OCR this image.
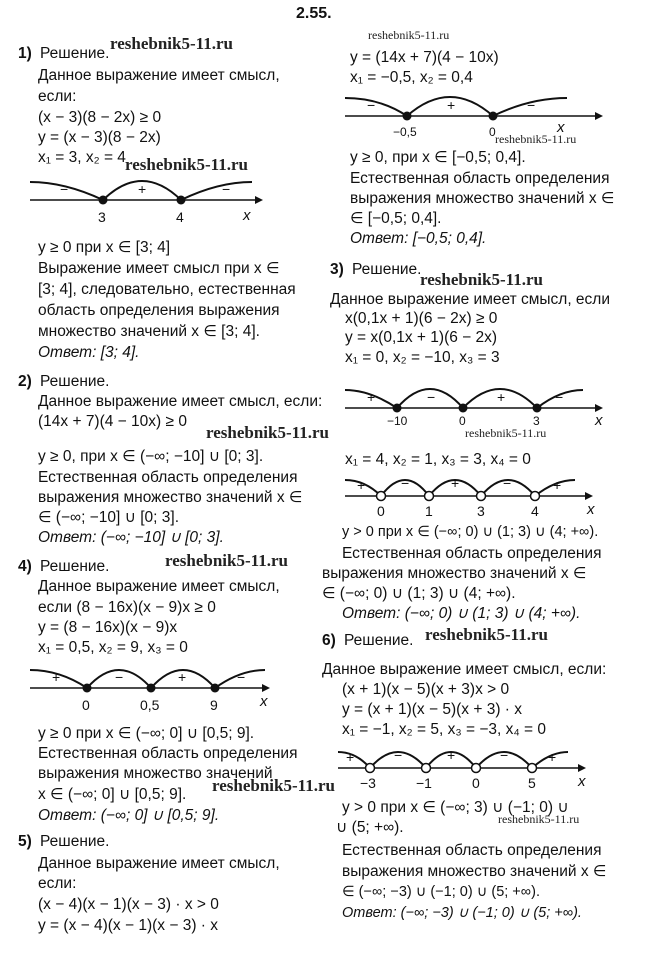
2.55.
reshebnik5-11.ru	reshebnik5-11.ru
reshebnik5-11.ru
reshebnik5-11.ru
reshebnik5-11.ru
reshebnik5-11.ru	reshebnik5-11.ru
reshebnik5-11.ru
reshebnik5-11.ru
reshebnik5-11.ru
reshebnik5-11.ru
1) Решение.
Данное выражение имеет смысл,
если:
(x − 3)(8 − 2x) ≥ 0
y = (x − 3)(8 − 2x)
x₁ = 3, x₂ = 4
−	+	−
3	4	x
y ≥ 0 при x ∈ [3; 4]
Выражение имеет смысл при x ∈
[3; 4], следовательно, естественная
область определения выражения
множество значений x ∈ [3; 4].
Ответ: [3; 4].
2) Решение.
Данное выражение имеет смысл, если:
(14x + 7)(4 − 10x) ≥ 0
y ≥ 0, при x ∈ (−∞; −10] ∪ [0; 3].
Естественная область определения
выражения множество значений x ∈
∈ (−∞; −10] ∪ [0; 3].
Ответ: (−∞; −10] ∪ [0; 3].
4) Решение.
Данное выражение имеет смысл,
если (8 − 16x)(x − 9)x ≥ 0
y = (8 − 16x)(x − 9)x
x₁ = 0,5, x₂ = 9, x₃ = 0
+	−	+	−
0	0,5	9	x
y ≥ 0 при x ∈ (−∞; 0] ∪ [0,5; 9].
Естественная область определения
выражения множество значений
x ∈ (−∞; 0] ∪ [0,5; 9].
Ответ: (−∞; 0] ∪ [0,5; 9].
5) Решение.
Данное выражение имеет смысл,
если:
(x − 4)(x − 1)(x − 3) · x > 0
y = (x − 4)(x − 1)(x − 3) · x
y = (14x + 7)(4 − 10x)
x₁ = −0,5, x₂ = 0,4
−	+	−
−0,5	0	x
y ≥ 0, при x ∈ [−0,5; 0,4].
Естественная область определения
выражения множество значений x ∈
∈ [−0,5; 0,4].
Ответ: [−0,5; 0,4].
3) Решение.
Данное выражение имеет смысл, если
x(0,1x + 1)(6 − 2x) ≥ 0
y = x(0,1x + 1)(6 − 2x)
x₁ = 0, x₂ = −10, x₃ = 3
+	−	+	−
−10	0	3	x
x₁ = 4, x₂ = 1, x₃ = 3, x₄ = 0
+	−	+	−	+
0	1	3	4	x
y > 0 при x ∈ (−∞; 0) ∪ (1; 3) ∪ (4; +∞).
Естественная область определения
выражения множество значений x ∈
∈ (−∞; 0) ∪ (1; 3) ∪ (4; +∞).
Ответ: (−∞; 0) ∪ (1; 3) ∪ (4; +∞).
6) Решение.
Данное выражение имеет смысл, если:
(x + 1)(x − 5)(x + 3)x > 0
y = (x + 1)(x − 5)(x + 3) · x
x₁ = −1, x₂ = 5, x₃ = −3, x₄ = 0
+	−	+	−	+
−3	−1	0	5	x
y > 0 при x ∈ (−∞; 3) ∪ (−1; 0) ∪
∪ (5; +∞).
Естественная область определения
выражения множество значений x ∈
∈ (−∞; −3) ∪ (−1; 0) ∪ (5; +∞).
Ответ: (−∞; −3) ∪ (−1; 0) ∪ (5; +∞).
